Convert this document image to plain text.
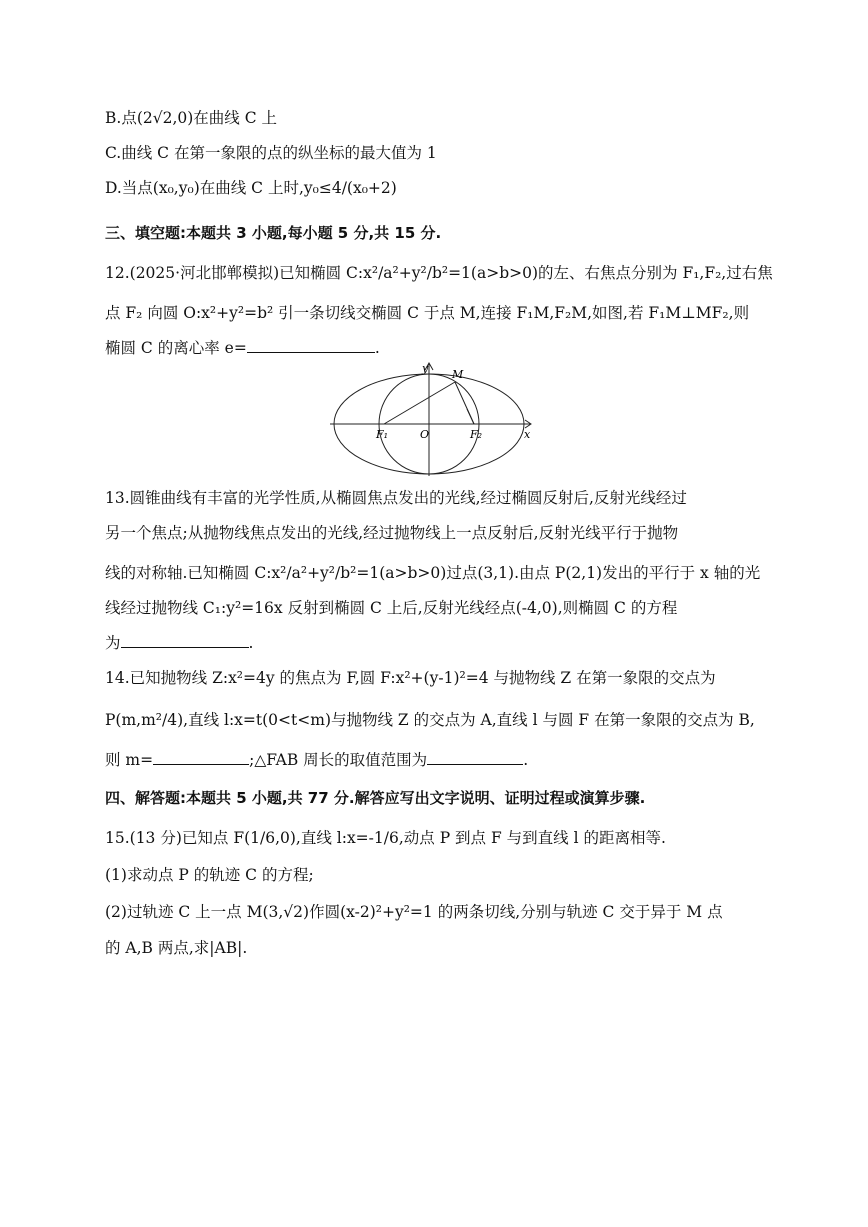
B.点(2√2,0)在曲线 C 上
C.曲线 C 在第一象限的点的纵坐标的最大值为 1
D.当点(x₀,y₀)在曲线 C 上时,y₀≤4/(x₀+2)
三、填空题:本题共 3 小题,每小题 5 分,共 15 分.
12.(2025·河北邯郸模拟)已知椭圆 C:x²/a²+y²/b²=1(a>b>0)的左、右焦点分别为 F₁,F₂,过右焦
点 F₂ 向圆 O:x²+y²=b² 引一条切线交椭圆 C 于点 M,连接 F₁M,F₂M,如图,若 F₁M⊥MF₂,则
椭圆 C 的离心率 e=	.
y
x
M
F₁	O	F₂
13.圆锥曲线有丰富的光学性质,从椭圆焦点发出的光线,经过椭圆反射后,反射光线经过
另一个焦点;从抛物线焦点发出的光线,经过抛物线上一点反射后,反射光线平行于抛物
线的对称轴.已知椭圆 C:x²/a²+y²/b²=1(a>b>0)过点(3,1).由点 P(2,1)发出的平行于 x 轴的光
线经过抛物线 C₁:y²=16x 反射到椭圆 C 上后,反射光线经点(-4,0),则椭圆 C 的方程
为	.
14.已知抛物线 Z:x²=4y 的焦点为 F,圆 F:x²+(y-1)²=4 与抛物线 Z 在第一象限的交点为
P(m,m²/4),直线 l:x=t(0<t<m)与抛物线 Z 的交点为 A,直线 l 与圆 F 在第一象限的交点为 B,
则 m=	;△FAB 周长的取值范围为	.
四、解答题:本题共 5 小题,共 77 分.解答应写出文字说明、证明过程或演算步骤.
15.(13 分)已知点 F(1/6,0),直线 l:x=-1/6,动点 P 到点 F 与到直线 l 的距离相等.
(1)求动点 P 的轨迹 C 的方程;
(2)过轨迹 C 上一点 M(3,√2)作圆(x-2)²+y²=1 的两条切线,分别与轨迹 C 交于异于 M 点
的 A,B 两点,求|AB|.
